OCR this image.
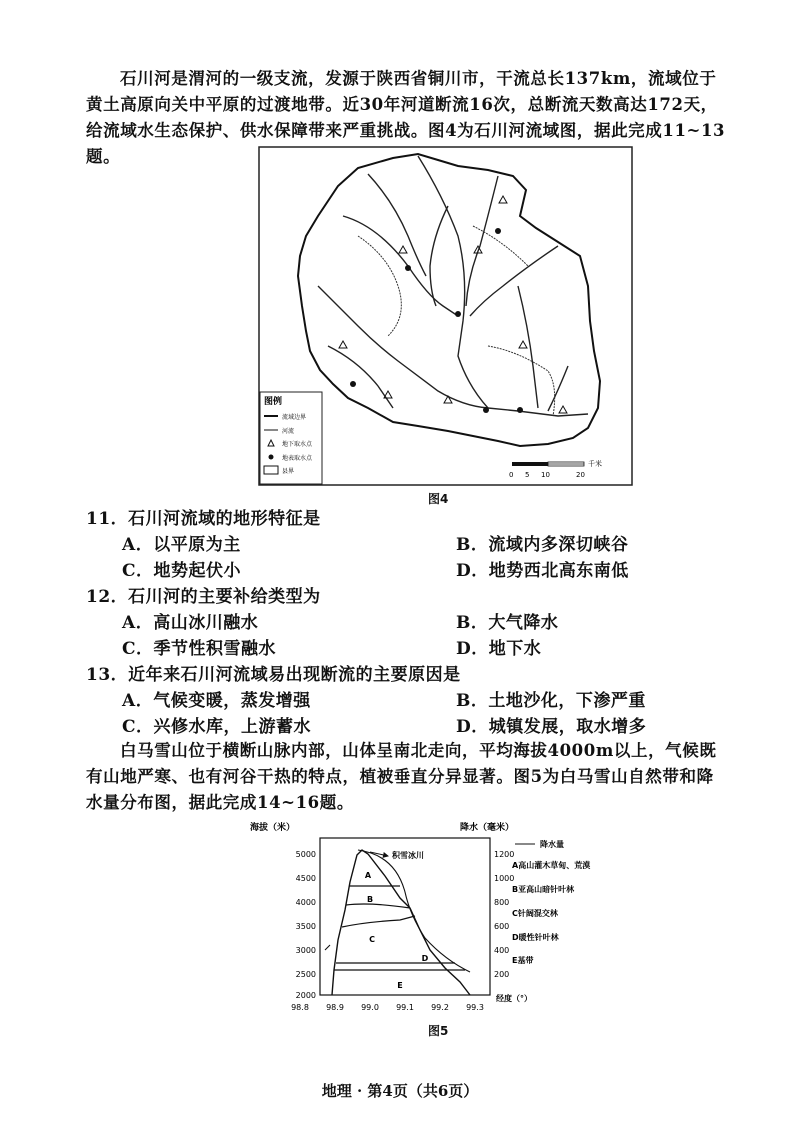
石川河是渭河的一级支流，发源于陕西省铜川市，干流总长137km，流域位于黄土高原向关中平原的过渡地带。近30年河道断流16次，总断流天数高达172天，给流域水生态保护、供水保障带来严重挑战。图4为石川河流域图，据此完成11~13题。

图例
流域边界
河流
地下取水点
地表取水点
县界
千米
0 5 10	20
图4
11．石川河流域的地形特征是
A．以平原为主	B．流域内多深切峡谷
C．地势起伏小	D．地势西北高东南低
12．石川河的主要补给类型为
A．高山冰川融水	B．大气降水
C．季节性积雪融水	D．地下水
13．近年来石川河流域易出现断流的主要原因是
A．气候变暖，蒸发增强	B．土地沙化，下渗严重
C．兴修水库，上游蓄水	D．城镇发展，取水增多

白马雪山位于横断山脉内部，山体呈南北走向，平均海拔4000m以上，气候既有山地严寒、也有河谷干热的特点，植被垂直分异显著。图5为白马雪山自然带和降水量分布图，据此完成14~16题。

海拔（米）	降水（毫米）
5000
4500
4000
3500
3000
2500
2000
1200
1000
800
600
400
200
98.8 98.9 99.0 99.1 99.2 99.3
经度（°）
积雪冰川
A
B
C
D
E
降水量
A高山灌木草甸、荒漠
B亚高山暗针叶林
C针阔混交林
D暖性针叶林
E基带
图5
地理 · 第4页（共6页）
